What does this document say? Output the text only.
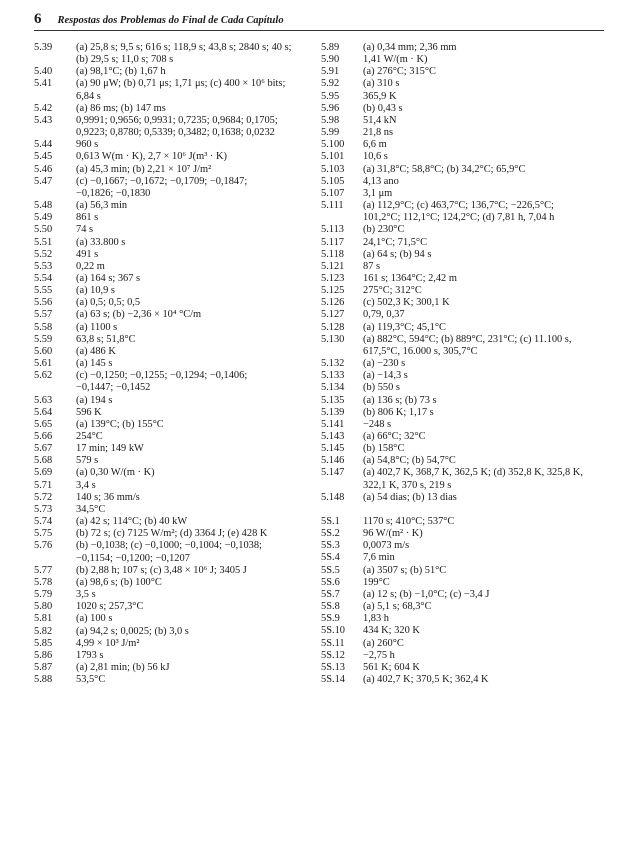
6 Respostas dos Problemas do Final de Cada Capítulo
5.39	(a) 25,8 s; 9,5 s; 616 s; 118,9 s; 43,8 s; 2840 s; 40 s;
(b) 29,5 s; 11,0 s; 708 s
5.40	(a) 98,1°C; (b) 1,67 h
5.41	(a) 90 μW; (b) 0,71 μs; 1,71 μs; (c) 400 × 10⁶ bits;
6,84 s
5.42	(a) 86 ms; (b) 147 ms
5.43	0,9991; 0,9656; 0,9931; 0,7235; 0,9684; 0,1705;
0,9223; 0,8780; 0,5339; 0,3482; 0,1638; 0,0232
5.44	960 s
5.45	0,613 W(m · K), 2,7 × 10⁶ J(m³ · K)
5.46	(a) 45,3 min; (b) 2,21 × 10⁷ J/m²
5.47	(c) −0,1667; −0,1672; −0,1709; −0,1847;
−0,1826; −0,1830
5.48	(a) 56,3 min
5.49	861 s
5.50	74 s
5.51	(a) 33.800 s
5.52	491 s
5.53	0,22 m
5.54	(a) 164 s; 367 s
5.55	(a) 10,9 s
5.56	(a) 0,5; 0,5; 0,5
5.57	(a) 63 s; (b) −2,36 × 10⁴ °C/m
5.58	(a) 1100 s
5.59	63,8 s; 51,8°C
5.60	(a) 486 K
5.61	(a) 145 s
5.62	(c) −0,1250; −0,1255; −0,1294; −0,1406;
−0,1447; −0,1452
5.63	(a) 194 s
5.64	596 K
5.65	(a) 139°C; (b) 155°C
5.66	254°C
5.67	17 min; 149 kW
5.68	579 s
5.69	(a) 0,30 W/(m · K)
5.71	3,4 s
5.72	140 s; 36 mm/s
5.73	34,5°C
5.74	(a) 42 s; 114°C; (b) 40 kW
5.75	(b) 72 s; (c) 7125 W/m²; (d) 3364 J; (e) 428 K
5.76	(b) −0,1038; (c) −0,1000; −0,1004; −0,1038;
−0,1154; −0,1200; −0,1207
5.77	(b) 2,88 h; 107 s; (c) 3,48 × 10⁶ J; 3405 J
5.78	(a) 98,6 s; (b) 100°C
5.79	3,5 s
5.80	1020 s; 257,3°C
5.81	(a) 100 s
5.82	(a) 94,2 s; 0,0025; (b) 3,0 s
5.85	4,99 × 10³ J/m²
5.86	1793 s
5.87	(a) 2,81 min; (b) 56 kJ
5.88	53,5°C
5.89	(a) 0,34 mm; 2,36 mm
5.90	1,41 W/(m · K)
5.91	(a) 276°C; 315°C
5.92	(a) 310 s
5.95	365,9 K
5.96	(b) 0,43 s
5.98	51,4 kN
5.99	21,8 ns
5.100	6,6 m
5.101	10,6 s
5.103	(a) 31,8°C; 58,8°C; (b) 34,2°C; 65,9°C
5.105	4,13 ano
5.107	3,1 μm
5.111	(a) 112,9°C; (c) 463,7°C; 136,7°C; −226,5°C;
101,2°C; 112,1°C; 124,2°C; (d) 7,81 h, 7,04 h
5.113	(b) 230°C
5.117	24,1°C; 71,5°C
5.118	(a) 64 s; (b) 94 s
5.121	87 s
5.123	161 s; 1364°C; 2,42 m
5.125	275°C; 312°C
5.126	(c) 502,3 K; 300,1 K
5.127	0,79, 0,37
5.128	(a) 119,3°C; 45,1°C
5.130	(a) 882°C, 594°C; (b) 889°C, 231°C; (c) 11.100 s,
617,5°C, 16.000 s, 305,7°C
5.132	(a) −230 s
5.133	(a) −14,3 s
5.134	(b) 550 s
5.135	(a) 136 s; (b) 73 s
5.139	(b) 806 K; 1,17 s
5.141	−248 s
5.143	(a) 66°C; 32°C
5.145	(b) 158°C
5.146	(a) 54,8°C; (b) 54,7°C
5.147	(a) 402,7 K, 368,7 K, 362,5 K; (d) 352,8 K, 325,8 K,
322,1 K, 370 s, 219 s
5.148	(a) 54 dias; (b) 13 dias
5S.1	1170 s; 410°C; 537°C
5S.2	96 W/(m² · K)
5S.3	0,0073 m/s
5S.4	7,6 min
5S.5	(a) 3507 s; (b) 51°C
5S.6	199°C
5S.7	(a) 12 s; (b) −1,0°C; (c) −3,4 J
5S.8	(a) 5,1 s; 68,3°C
5S.9	1,83 h
5S.10	434 K; 320 K
5S.11	(a) 260°C
5S.12	−2,75 h
5S.13	561 K; 604 K
5S.14	(a) 402,7 K; 370,5 K; 362,4 K
